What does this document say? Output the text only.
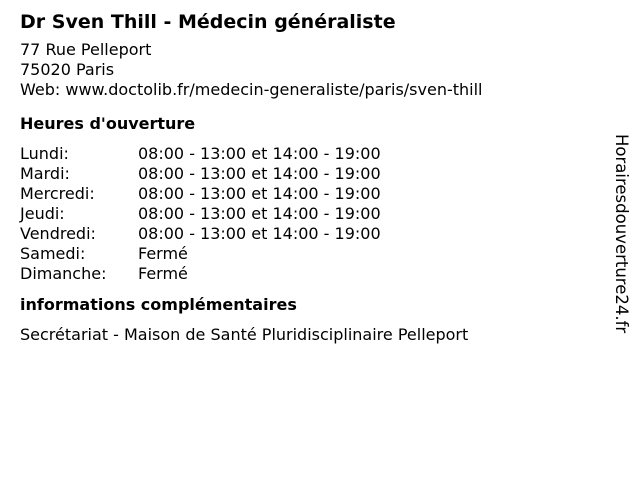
Dr Sven Thill - Médecin généraliste
77 Rue Pelleport
75020 Paris
Web: www.doctolib.fr/medecin-generaliste/paris/sven-thill
Heures d'ouverture
Lundi:	08:00 - 13:00 et 14:00 - 19:00
Mardi:	08:00 - 13:00 et 14:00 - 19:00
Mercredi:	08:00 - 13:00 et 14:00 - 19:00
Jeudi:	08:00 - 13:00 et 14:00 - 19:00
Vendredi:	08:00 - 13:00 et 14:00 - 19:00
Samedi:	Fermé
Dimanche:	Fermé
informations complémentaires
Secrétariat - Maison de Santé Pluridisciplinaire Pelleport
Horairesdouverture24.fr
